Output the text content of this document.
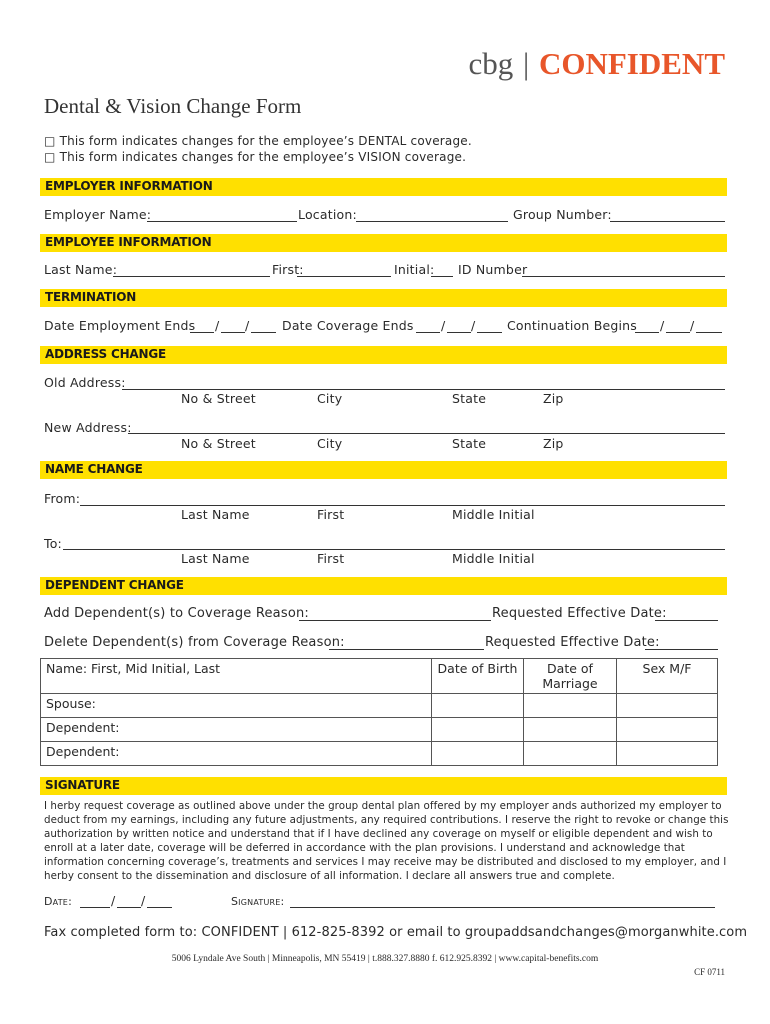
cbg | CONFIDENT
Dental & Vision Change Form
□ This form indicates changes for the employee’s DENTAL coverage.
□ This form indicates changes for the employee’s VISION coverage.
EMPLOYER INFORMATION
Employer Name:	Location:	Group Number:
EMPLOYEE INFORMATION
Last Name:	First:	Initial: ID Number
TERMINATION
Date Employment Ends / /	Date Coverage Ends / /	Continuation Begins / /
ADDRESS CHANGE
Old Address:
No & Street	City	State	Zip
New Address:
No & Street	City	State	Zip
NAME CHANGE
From:
Last Name	First	Middle Initial
To:
Last Name	First	Middle Initial
DEPENDENT CHANGE
Add Dependent(s) to Coverage Reason:	Requested Effective Date:
Delete Dependent(s) from Coverage Reason:	Requested Effective Date:
Name: First, Mid Initial, Last	Date of Birth	Date of Marriage	Sex M/F
Spouse:			
Dependent:			
Dependent:			
SIGNATURE
I herby request coverage as outlined above under the group dental plan offered by my employer ands authorized my employer to deduct from my earnings, including any future adjustments, any required contributions. I reserve the right to revoke or change this authorization by written notice and understand that if I have declined any coverage on myself or eligible dependent and wish to enroll at a later date, coverage will be deferred in accordance with the plan provisions. I understand and acknowledge that information concerning coverage’s, treatments and services I may receive may be distributed and disclosed to my employer, and I herby consent to the dissemination and disclosure of all information. I declare all answers true and complete.
Date:	/ /	Signature:
Fax completed form to: CONFIDENT | 612-825-8392 or email to groupaddsandchanges@morganwhite.com
5006 Lyndale Ave South | Minneapolis, MN 55419 | t.888.327.8880 f. 612.925.8392 | www.capital-benefits.com
CF 0711
